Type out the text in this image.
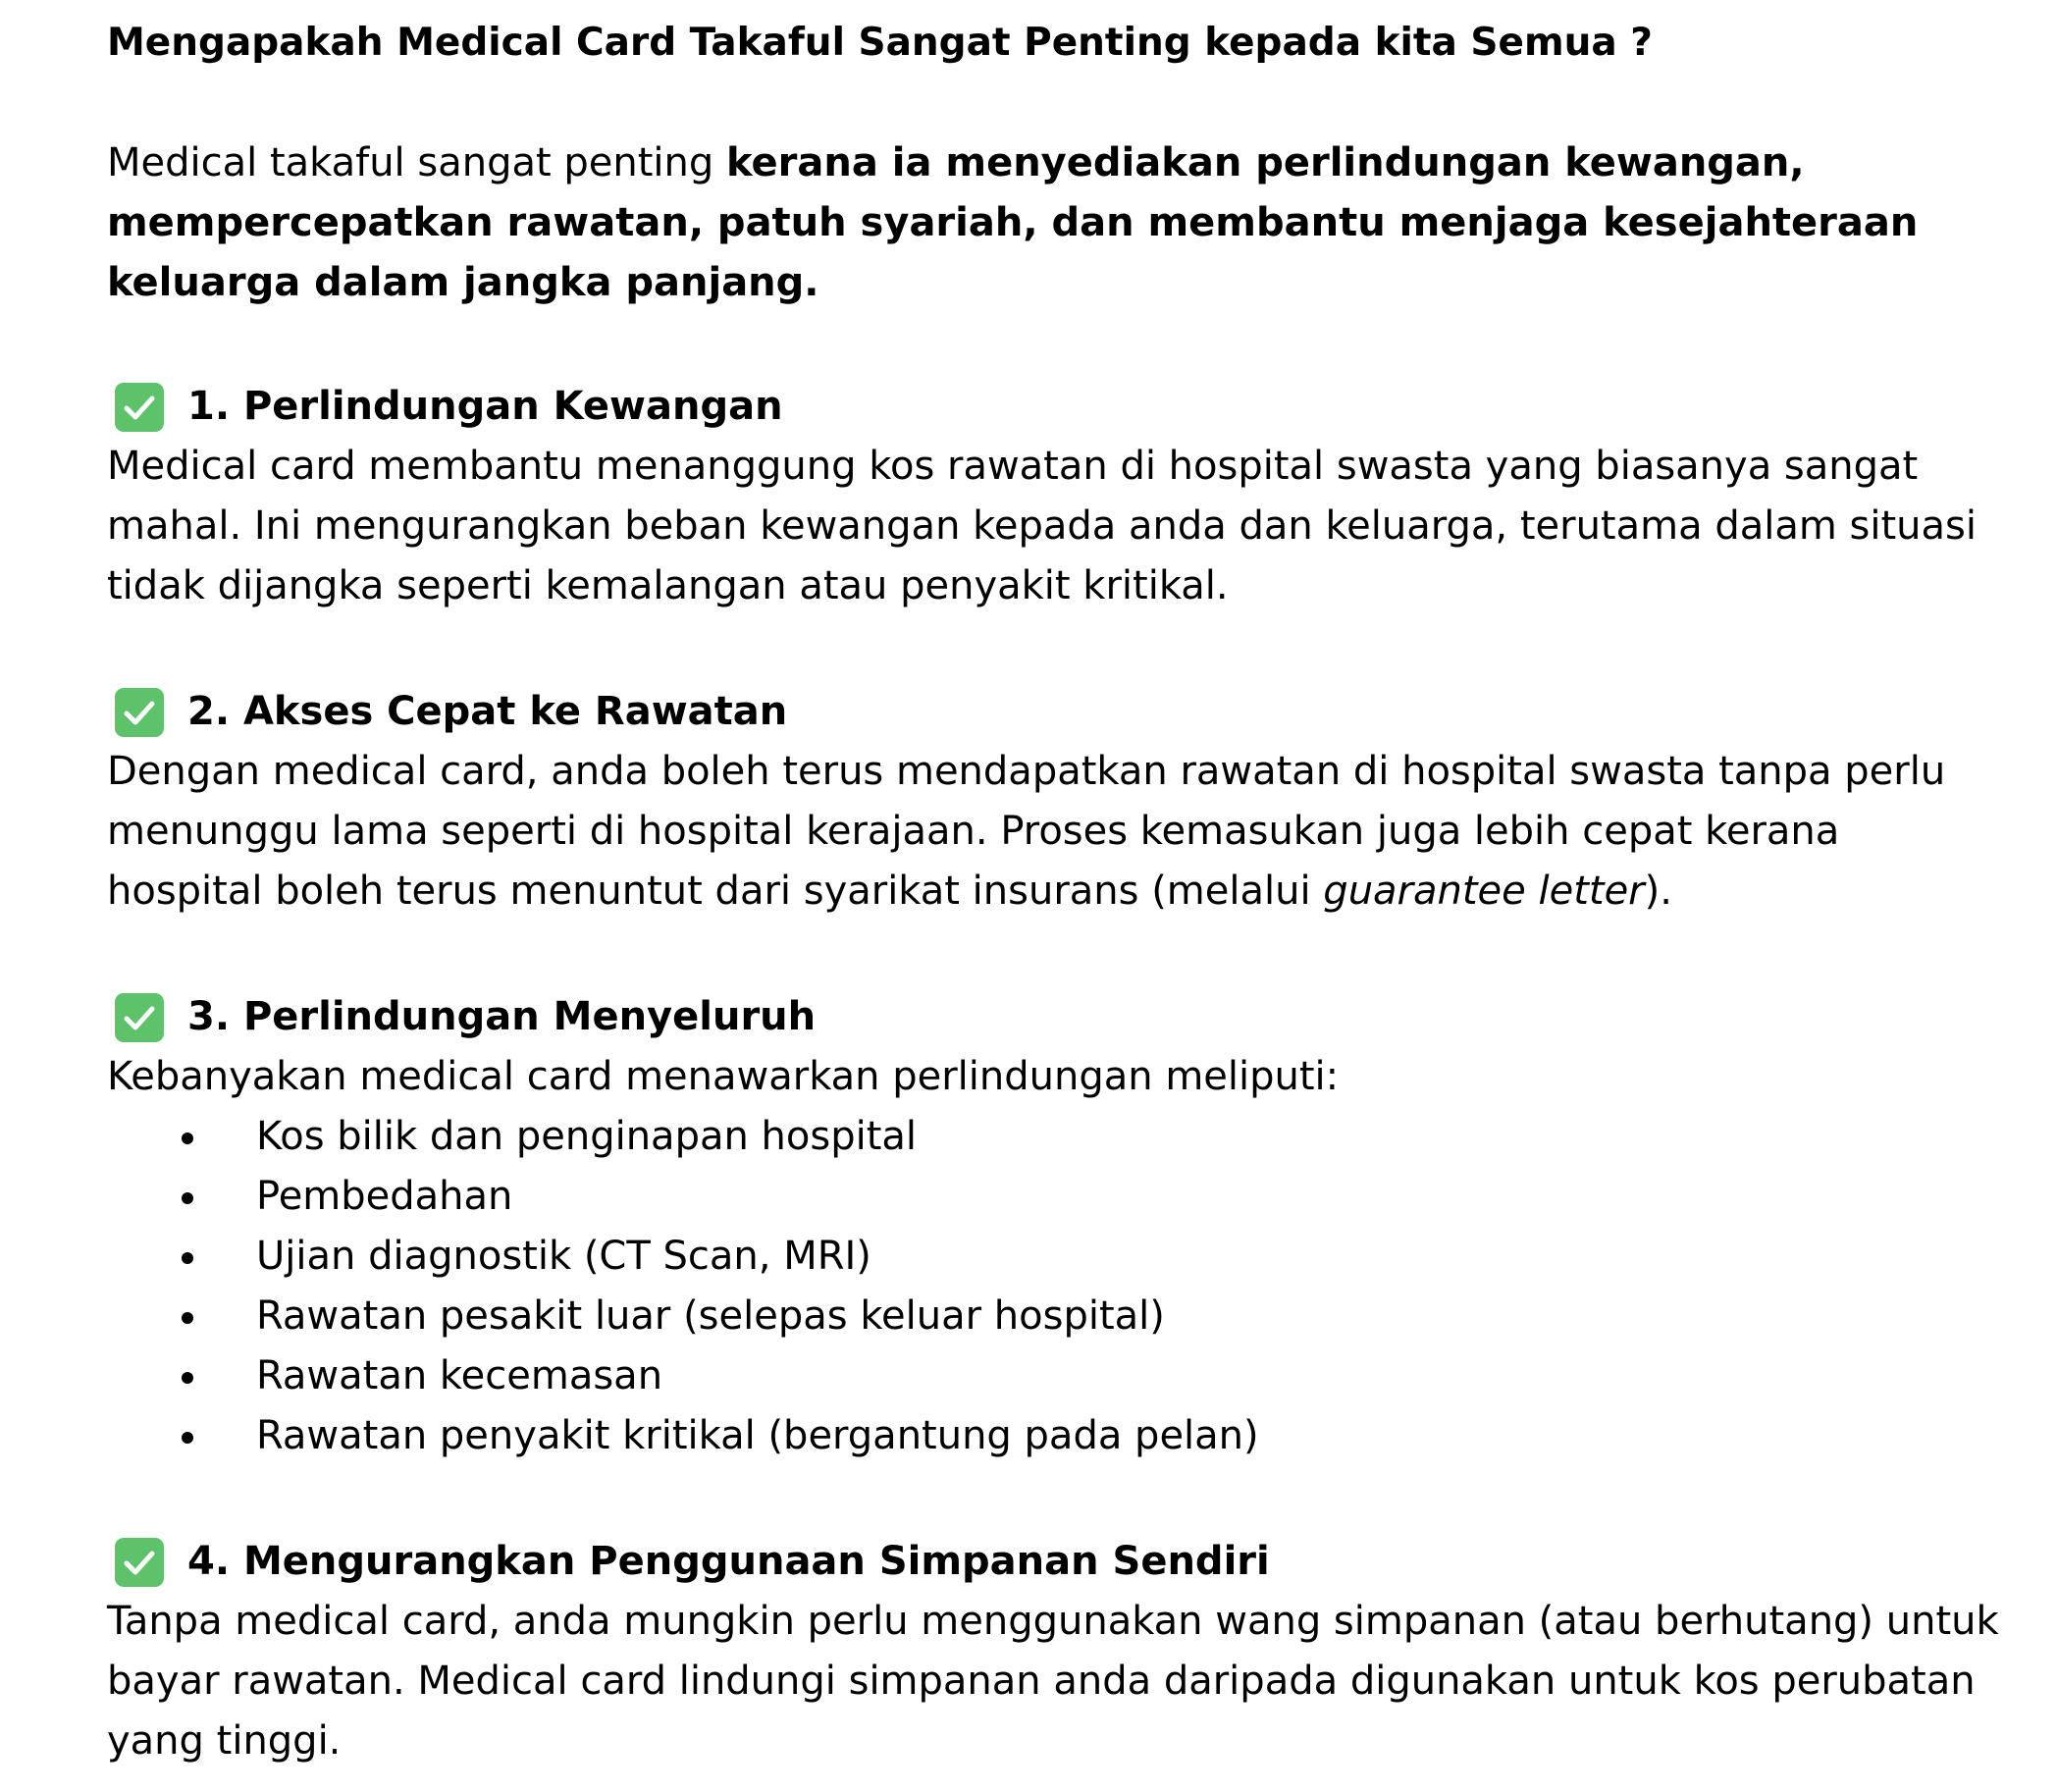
Mengapakah Medical Card Takaful Sangat Penting kepada kita Semua ?
Medical takaful sangat penting kerana ia menyediakan perlindungan kewangan, mempercepatkan rawatan, patuh syariah, dan membantu menjaga kesejahteraan keluarga dalam jangka panjang.
1. Perlindungan Kewangan
Medical card membantu menanggung kos rawatan di hospital swasta yang biasanya sangat mahal. Ini mengurangkan beban kewangan kepada anda dan keluarga, terutama dalam situasi tidak dijangka seperti kemalangan atau penyakit kritikal.
2. Akses Cepat ke Rawatan
Dengan medical card, anda boleh terus mendapatkan rawatan di hospital swasta tanpa perlu menunggu lama seperti di hospital kerajaan. Proses kemasukan juga lebih cepat kerana hospital boleh terus menuntut dari syarikat insurans (melalui guarantee letter).
3. Perlindungan Menyeluruh
Kebanyakan medical card menawarkan perlindungan meliputi:
Kos bilik dan penginapan hospital
Pembedahan
Ujian diagnostik (CT Scan, MRI)
Rawatan pesakit luar (selepas keluar hospital)
Rawatan kecemasan
Rawatan penyakit kritikal (bergantung pada pelan)
4. Mengurangkan Penggunaan Simpanan Sendiri
Tanpa medical card, anda mungkin perlu menggunakan wang simpanan (atau berhutang) untuk bayar rawatan. Medical card lindungi simpanan anda daripada digunakan untuk kos perubatan yang tinggi.
